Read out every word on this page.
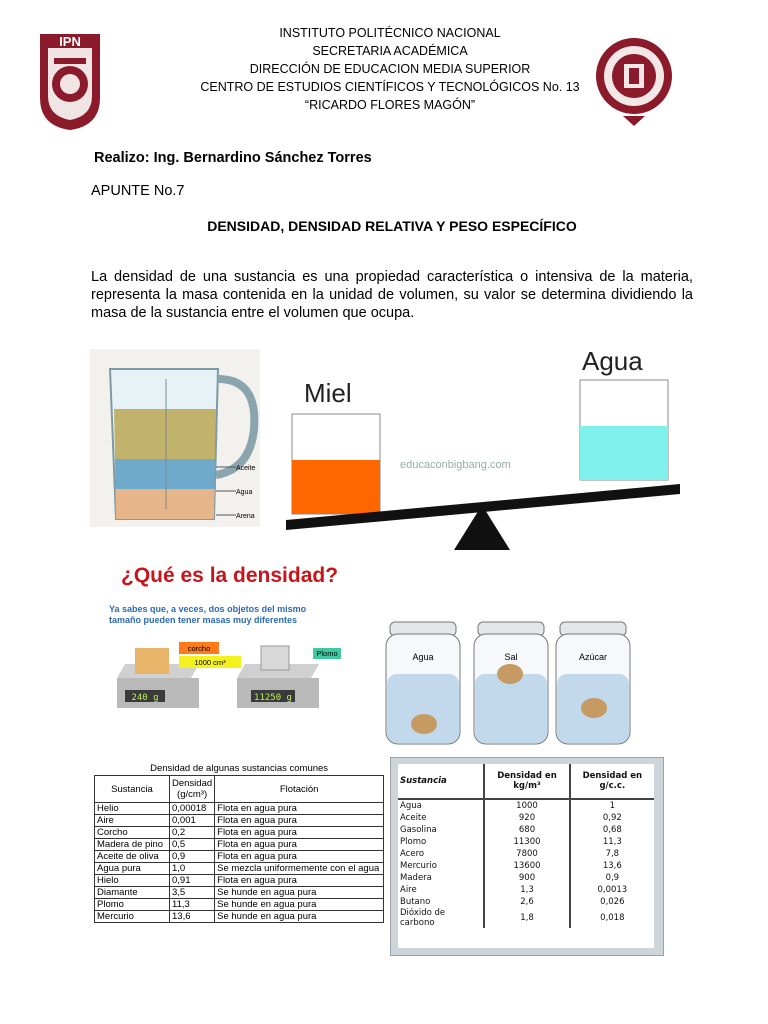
IPN
INSTITUTO POLITÉCNICO NACIONAL
SECRETARIA ACADÉMICA
DIRECCIÓN DE EDUCACION MEDIA SUPERIOR
CENTRO DE ESTUDIOS CIENTÍFICOS Y TECNOLÓGICOS No. 13
“RICARDO FLORES MAGÓN”
Realizo: Ing. Bernardino Sánchez Torres
APUNTE No.7
DENSIDAD, DENSIDAD RELATIVA Y PESO ESPECÍFICO
La densidad de una sustancia es una propiedad característica o intensiva de la materia, representa la masa contenida en la unidad de volumen, su valor se determina dividiendo la masa de la sustancia entre el volumen que ocupa.
Aceite
Agua
Arena
Miel
Agua
educaconbigbang.com
¿Qué es la densidad?
Ya sabes que, a veces, dos objetos del mismo
tamaño pueden tener masas muy diferentes
240 g
corcho
1000 cm³
11250 g
Plomo	Agua	Sal	Azúcar
Densidad de algunas sustancias comunes		
Sustancia	Densidad (g/cm³)	Flotación
Helio	0,00018	Flota en agua pura
Aire	0,001	Flota en agua pura
Corcho	0,2	Flota en agua pura
Madera de pino	0,5	Flota en agua pura
Aceite de oliva	0,9	Flota en agua pura
Agua pura	1,0	Se mezcla uniformemente con el agua
Hielo	0,91	Flota en agua pura
Diamante	3,5	Se hunde en agua pura
Plomo	11,3	Se hunde en agua pura
Mercurio	13,6	Se hunde en agua pura
Sustancia	Densidad en kg/m³	Densidad en g/c.c.
Agua	1000	1
Aceite	920	0,92
Gasolina	680	0,68
Plomo	11300	11,3
Acero	7800	7,8
Mercurio	13600	13,6
Madera	900	0,9
Aire	1,3	0,0013
Butano	2,6	0,026
Dióxido de carbono	1,8	0,018
